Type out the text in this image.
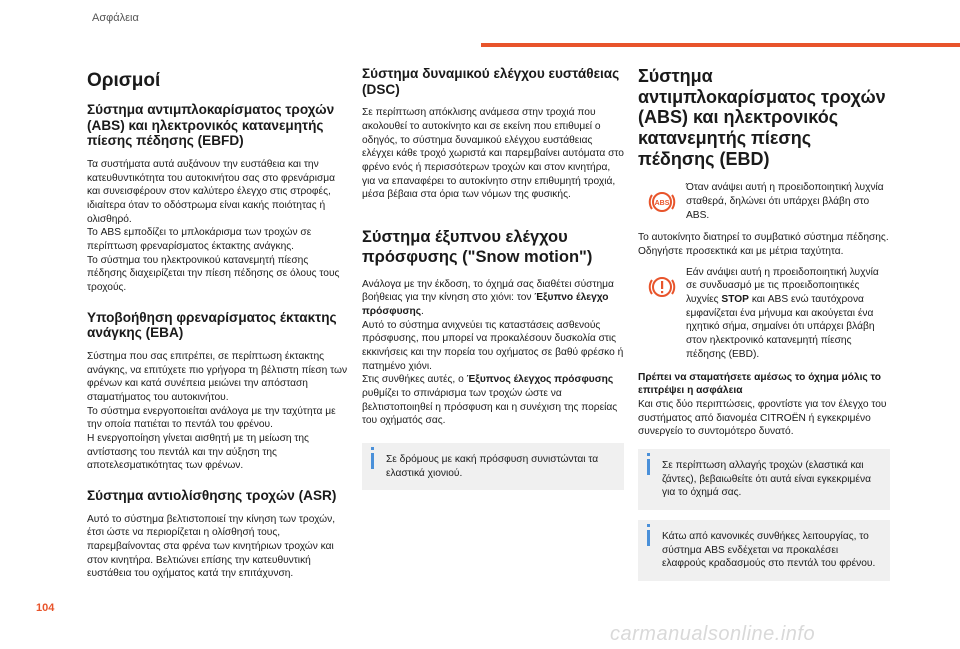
Ασφάλεια
Ορισμοί
Σύστημα αντιμπλοκαρίσματος τροχών (ABS) και ηλεκτρονικός κατανεμητής πίεσης πέδησης (EBFD)

Τα συστήματα αυτά αυξάνουν την ευστάθεια και την κατευθυντικότητα του αυτοκινήτου σας στο φρενάρισμα και συνεισφέρουν στον καλύτερο έλεγχο στις στροφές, ιδιαίτερα όταν το οδόστρωμα είναι κακής ποιότητας ή ολισθηρό.

Το ABS εμποδίζει το μπλοκάρισμα των τροχών σε περίπτωση φρεναρίσματος έκτακτης ανάγκης.

Το σύστημα του ηλεκτρονικού κατανεμητή πίεσης πέδησης διαχειρίζεται την πίεση πέδησης σε όλους τους τροχούς.

Υποβοήθηση φρεναρίσματος έκτακτης ανάγκης (EBA)

Σύστημα που σας επιτρέπει, σε περίπτωση έκτακτης ανάγκης, να επιτύχετε πιο γρήγορα τη βέλτιστη πίεση των φρένων και κατά συνέπεια μειώνει την απόσταση σταματήματος του αυτοκινήτου.

Το σύστημα ενεργοποιείται ανάλογα με την ταχύτητα με την οποία πατιέται το πεντάλ του φρένου.

Η ενεργοποίηση γίνεται αισθητή με τη μείωση της αντίστασης του πεντάλ και την αύξηση της αποτελεσματικότητας των φρένων.

Σύστημα αντιολίσθησης τροχών (ASR)

Αυτό το σύστημα βελτιστοποιεί την κίνηση των τροχών, έτσι ώστε να περιορίζεται η ολίσθησή τους, παρεμβαίνοντας στα φρένα των κινητήριων τροχών και στον κινητήρα. Βελτιώνει επίσης την κατευθυντική ευστάθεια του οχήματος κατά την επιτάχυνση.

Σύστημα δυναμικού ελέγχου ευστάθειας (DSC)

Σε περίπτωση απόκλισης ανάμεσα στην τροχιά που ακολουθεί το αυτοκίνητο και σε εκείνη που επιθυμεί ο οδηγός, το σύστημα δυναμικού ελέγχου ευστάθειας ελέγχει κάθε τροχό χωριστά και παρεμβαίνει αυτόματα στο φρένο ενός ή περισσότερων τροχών και στον κινητήρα, για να επαναφέρει το αυτοκίνητο στην επιθυμητή τροχιά, μέσα βέβαια στα όρια των νόμων της φυσικής.

Σύστημα έξυπνου ελέγχου πρόσφυσης ("Snow motion")

Ανάλογα με την έκδοση, το όχημά σας διαθέτει σύστημα βοήθειας για την κίνηση στο χιόνι: τον Έξυπνο έλεγχο πρόσφυσης.

Αυτό το σύστημα ανιχνεύει τις καταστάσεις ασθενούς πρόσφυσης, που μπορεί να προκαλέσουν δυσκολία στις εκκινήσεις και την πορεία του οχήματος σε βαθύ φρέσκο ή πατημένο χιόνι.

Στις συνθήκες αυτές, ο Έξυπνος έλεγχος πρόσφυσης ρυθμίζει το σπινάρισμα των τροχών ώστε να βελτιστοποιηθεί η πρόσφυση και η συνέχιση της πορείας του οχήματός σας.

Σε δρόμους με κακή πρόσφυση συνιστώνται τα ελαστικά χιονιού.
Σύστημα αντιμπλοκαρίσματος τροχών (ABS) και ηλεκτρονικός κατανεμητής πίεσης πέδησης (EBD)
ABS

Όταν ανάψει αυτή η προειδοποιητική λυχνία σταθερά, δηλώνει ότι υπάρχει βλάβη στο ABS.

Το αυτοκίνητο διατηρεί το συμβατικό σύστημα πέδησης. Οδηγήστε προσεκτικά και με μέτρια ταχύτητα.

Εάν ανάψει αυτή η προειδοποιητική λυχνία σε συνδυασμό με τις προειδοποιητικές λυχνίες STOP και ABS ενώ ταυτόχρονα εμφανίζεται ένα μήνυμα και ακούγεται ένα ηχητικό σήμα, σημαίνει ότι υπάρχει βλάβη στον ηλεκτρονικό κατανεμητή πίεσης πέδησης (EBD).

Πρέπει να σταματήσετε αμέσως το όχημα μόλις το επιτρέψει η ασφάλεια

Και στις δύο περιπτώσεις, φροντίστε για τον έλεγχο του συστήματος από διανομέα CITROËN ή εγκεκριμένο συνεργείο το συντομότερο δυνατό.

Σε περίπτωση αλλαγής τροχών (ελαστικά και ζάντες), βεβαιωθείτε ότι αυτά είναι εγκεκριμένα για το όχημά σας.
Κάτω από κανονικές συνθήκες λειτουργίας, το σύστημα ABS ενδέχεται να προκαλέσει ελαφρούς κραδασμούς στο πεντάλ του φρένου.
104
carmanualsonline.info
